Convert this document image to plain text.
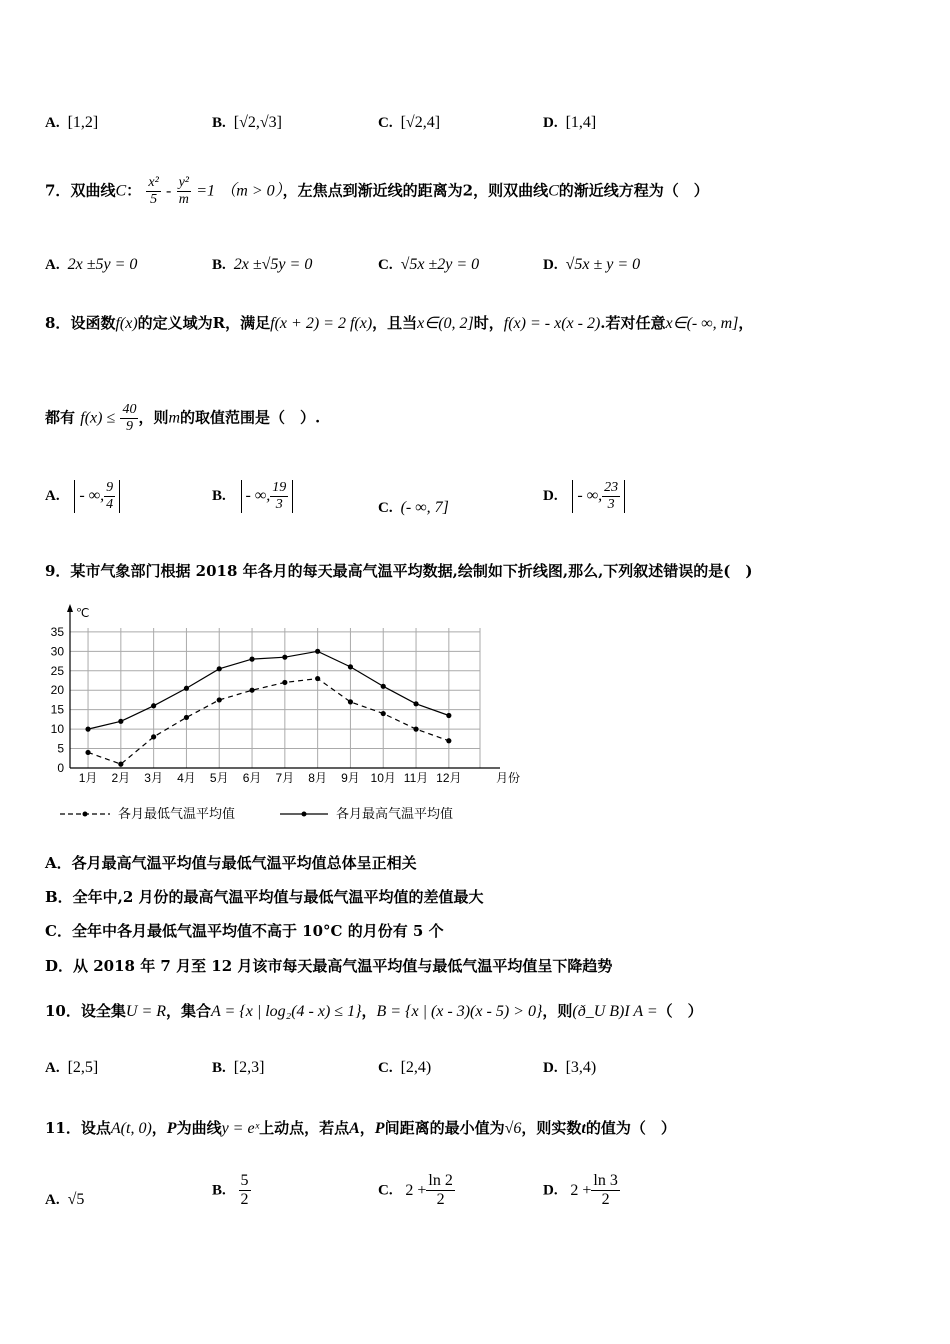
A. [1,2]	B. [√2,√3]	C. [√2,4]	D. [1,4]
7．双曲线C： $\frac{\text{x²}}{5} - \frac{\text{y²}}{m} =1$ （m > 0），左焦点到渐近线的距离为2，则双曲线C的渐近线方程为（　）
A. 2x ±5y = 0	B. 2x ±√5y = 0	C. √5x ±2y = 0	D. √5x ± y = 0
8．设函数f(x)的定义域为R，满足f(x + 2) = 2 f(x)，且当x∈(0, 2]时，f(x) = - x(x - 2).若对任意x∈(- ∞, m]，
都有 $f(x) \le \frac{40}{9}$ ，则m的取值范围是（　）.
A. - ∞, $\frac{9}{4}$	B. - ∞, $\frac{19}{3}$	C. (- ∞, 7]
D. - ∞, $\frac{23}{3}$
9．某市气象部门根据 2018 年各月的每天最高气温平均数据,绘制如下折线图,那么,下列叙述错误的是(　)
0
5
10
15
20
25
30
35
℃
月份
1月 2月 3月 4月 5月 6月 7月 8月 9月 10月 11月 12月
各月最低气温平均值	各月最高气温平均值
A．各月最高气温平均值与最低气温平均值总体呈正相关
B．全年中,2 月份的最高气温平均值与最低气温平均值的差值最大
C．全年中各月最低气温平均值不高于 10°C 的月份有 5 个
D．从 2018 年 7 月至 12 月该市每天最高气温平均值与最低气温平均值呈下降趋势
10．设全集U = R，集合A = {x | log₂(4 - x) ≤ 1}，B = {x | (x - 3)(x - 5) > 0}，则(ð_U B)I A =（　）
A. [2,5]	B. [2,3]	C. [2,4)	D. [3,4)
11．设点A(t, 0)，P为曲线y = eˣ上动点，若点A，P间距离的最小值为√6，则实数t的值为（　）
A. √5
B. $\frac{5}{2}$	C. $2 + \frac{\ln 2}{2}$	D. $2 + \frac{\ln 3}{2}$
